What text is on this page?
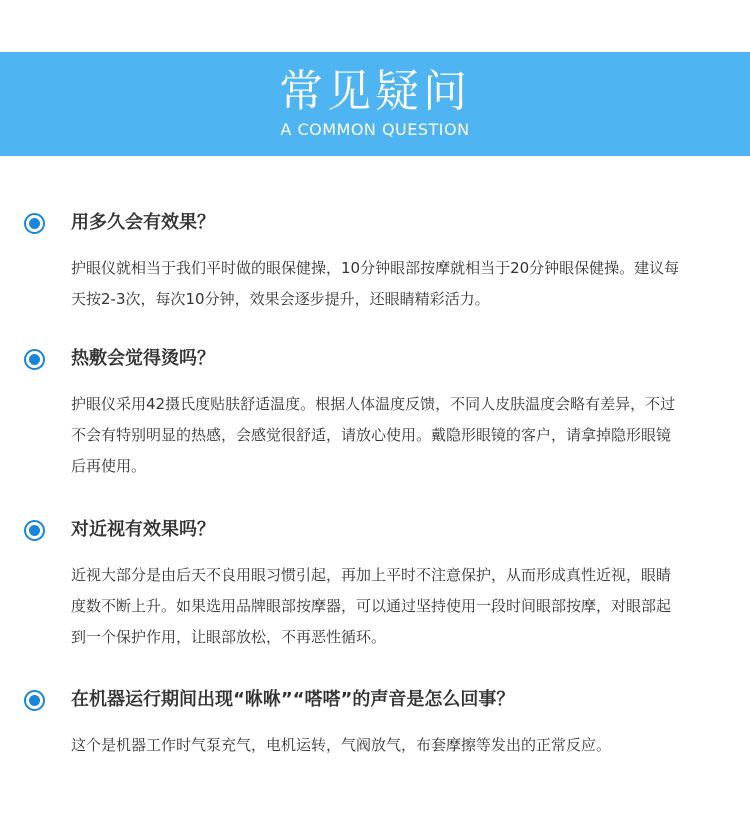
常见疑问
A COMMON QUESTION
用多久会有效果？
护眼仪就相当于我们平时做的眼保健操，10分钟眼部按摩就相当于20分钟眼保健操。建议每
天按2-3次，每次10分钟，效果会逐步提升，还眼睛精彩活力。
热敷会觉得烫吗？
护眼仪采用42摄氏度贴肤舒适温度。根据人体温度反馈，不同人皮肤温度会略有差异，不过
不会有特别明显的热感，会感觉很舒适，请放心使用。戴隐形眼镜的客户，请拿掉隐形眼镜
后再使用。
对近视有效果吗？
近视大部分是由后天不良用眼习惯引起，再加上平时不注意保护，从而形成真性近视，眼睛
度数不断上升。如果选用品牌眼部按摩器，可以通过坚持使用一段时间眼部按摩，对眼部起
到一个保护作用，让眼部放松，不再恶性循环。
在机器运行期间出现“咻咻”“嗒嗒”的声音是怎么回事？
这个是机器工作时气泵充气，电机运转，气阀放气，布套摩擦等发出的正常反应。
